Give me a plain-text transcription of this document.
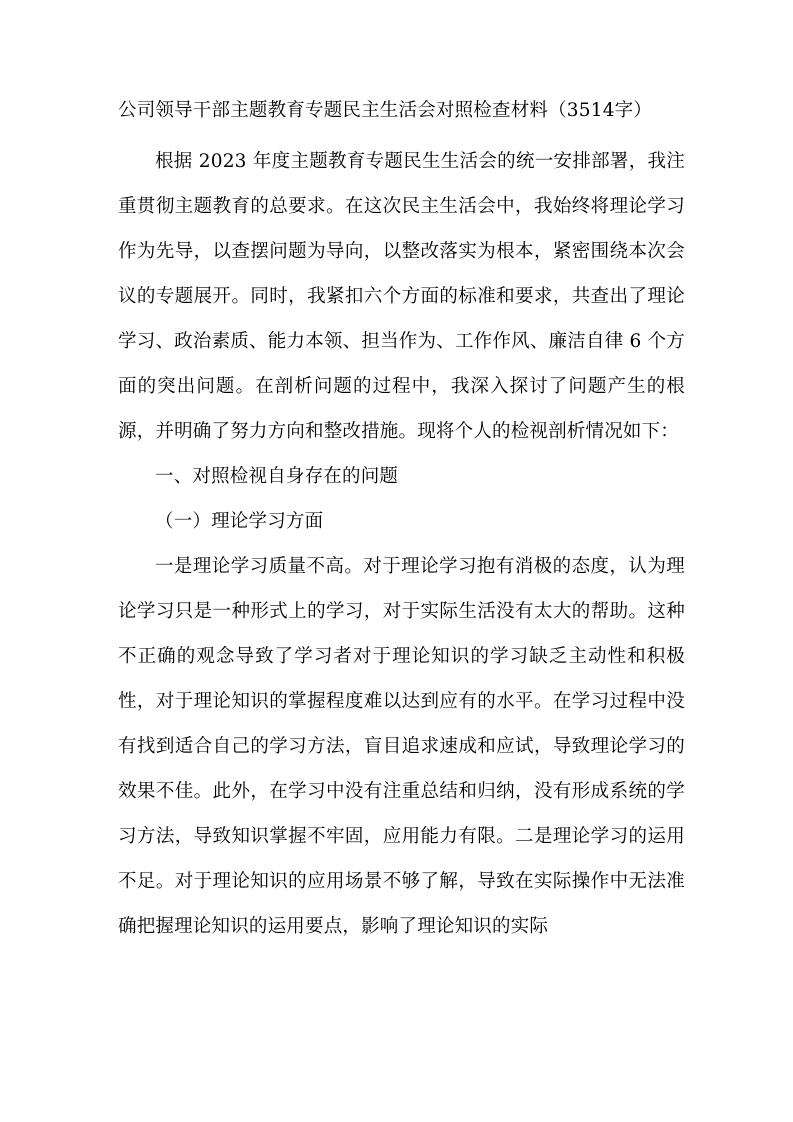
公司领导干部主题教育专题民主生活会对照检查材料（3514字）

根据 2023 年度主题教育专题民生生活会的统一安排部署，我注重贯彻主题教育的总要求。在这次民主生活会中，我始终将理论学习作为先导，以查摆问题为导向，以整改落实为根本，紧密围绕本次会议的专题展开。同时，我紧扣六个方面的标准和要求，共查出了理论学习、政治素质、能力本领、担当作为、工作作风、廉洁自律 6 个方面的突出问题。在剖析问题的过程中，我深入探讨了问题产生的根源，并明确了努力方向和整改措施。现将个人的检视剖析情况如下：

一、对照检视自身存在的问题

（一）理论学习方面

一是理论学习质量不高。对于理论学习抱有消极的态度，认为理论学习只是一种形式上的学习，对于实际生活没有太大的帮助。这种不正确的观念导致了学习者对于理论知识的学习缺乏主动性和积极性，对于理论知识的掌握程度难以达到应有的水平。在学习过程中没有找到适合自己的学习方法，盲目追求速成和应试，导致理论学习的效果不佳。此外，在学习中没有注重总结和归纳，没有形成系统的学习方法，导致知识掌握不牢固，应用能力有限。二是理论学习的运用不足。对于理论知识的应用场景不够了解，导致在实际操作中无法准确把握理论知识的运用要点，影响了理论知识的实际
